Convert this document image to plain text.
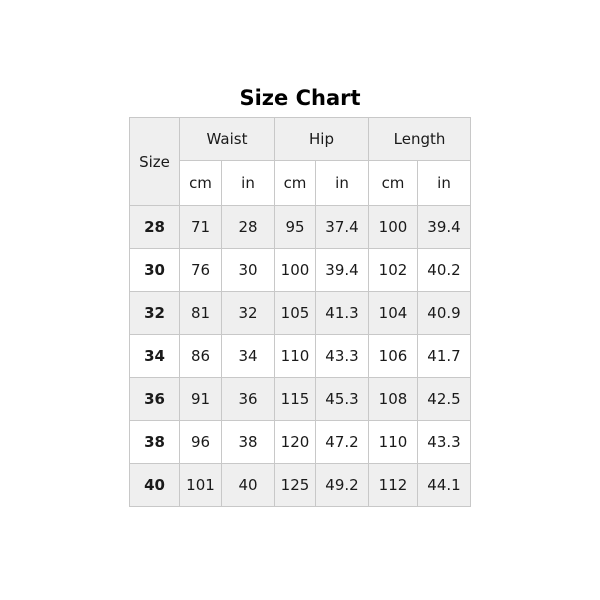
Size Chart
Size	Waist		Hip		Length	
	cm	in	cm	in	cm	in
28	71	28	95	37.4	100	39.4
30	76	30	100	39.4	102	40.2
32	81	32	105	41.3	104	40.9
34	86	34	110	43.3	106	41.7
36	91	36	115	45.3	108	42.5
38	96	38	120	47.2	110	43.3
40	101	40	125	49.2	112	44.1
